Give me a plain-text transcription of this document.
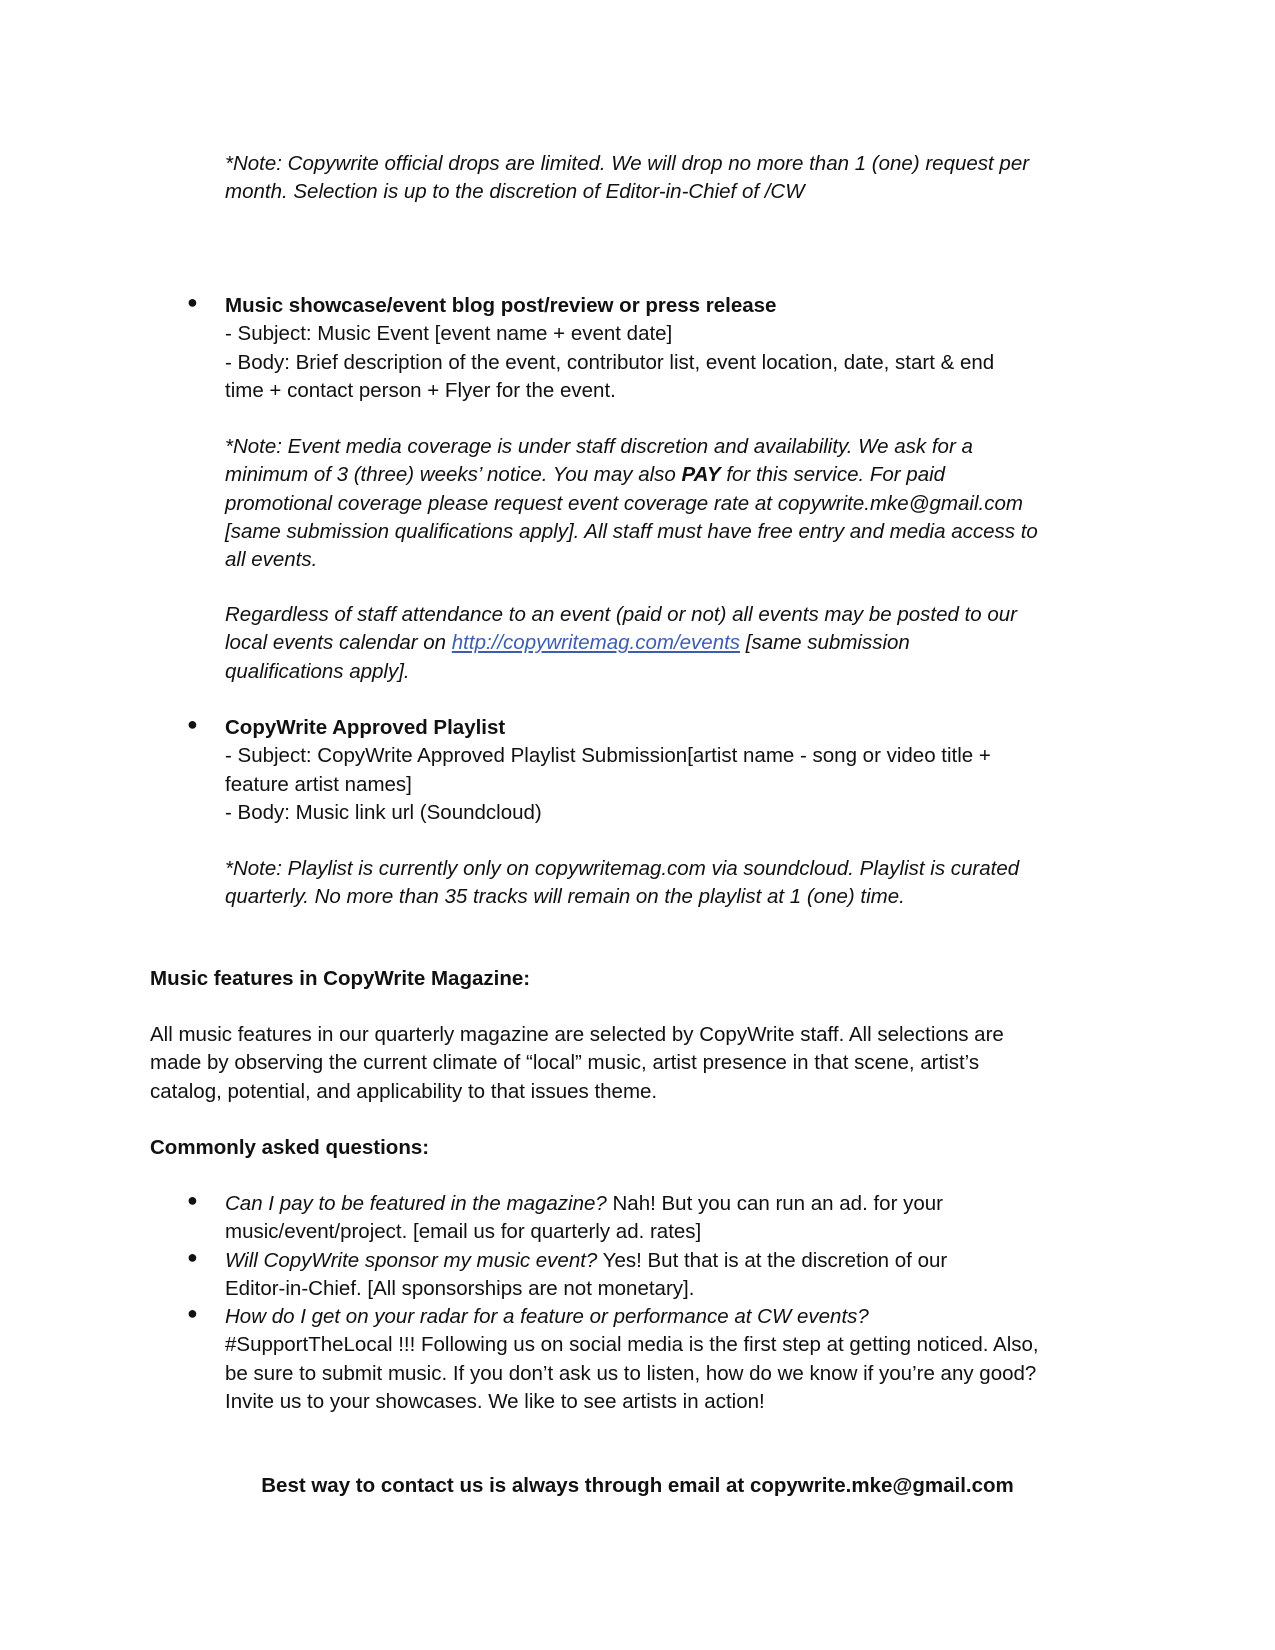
*Note: Copywrite official drops are limited. We will drop no more than 1 (one) request per
month. Selection is up to the discretion of Editor-in-Chief of /CW
● Music showcase/event blog post/review or press release
- Subject: Music Event [event name + event date]
- Body: Brief description of the event, contributor list, event location, date, start & end
time + contact person + Flyer for the event.
*Note: Event media coverage is under staff discretion and availability. We ask for a
minimum of 3 (three) weeks’ notice. You may also PAY for this service. For paid
promotional coverage please request event coverage rate at copywrite.mke@gmail.com
[same submission qualifications apply]. All staff must have free entry and media access to
all events.
Regardless of staff attendance to an event (paid or not) all events may be posted to our
local events calendar on http://copywritemag.com/events [same submission
qualifications apply].
● CopyWrite Approved Playlist
- Subject: CopyWrite Approved Playlist Submission[artist name - song or video title +
feature artist names]
- Body: Music link url (Soundcloud)
*Note: Playlist is currently only on copywritemag.com via soundcloud. Playlist is curated
quarterly. No more than 35 tracks will remain on the playlist at 1 (one) time.
Music features in CopyWrite Magazine:
All music features in our quarterly magazine are selected by CopyWrite staff. All selections are
made by observing the current climate of “local” music, artist presence in that scene, artist’s
catalog, potential, and applicability to that issues theme.
Commonly asked questions:
● Can I pay to be featured in the magazine? Nah! But you can run an ad. for your
music/event/project. [email us for quarterly ad. rates]
● Will CopyWrite sponsor my music event? Yes! But that is at the discretion of our
Editor-in-Chief. [All sponsorships are not monetary].
● How do I get on your radar for a feature or performance at CW events?
#SupportTheLocal !!! Following us on social media is the first step at getting noticed. Also,
be sure to submit music. If you don’t ask us to listen, how do we know if you’re any good?
Invite us to your showcases. We like to see artists in action!
Best way to contact us is always through email at copywrite.mke@gmail.com
